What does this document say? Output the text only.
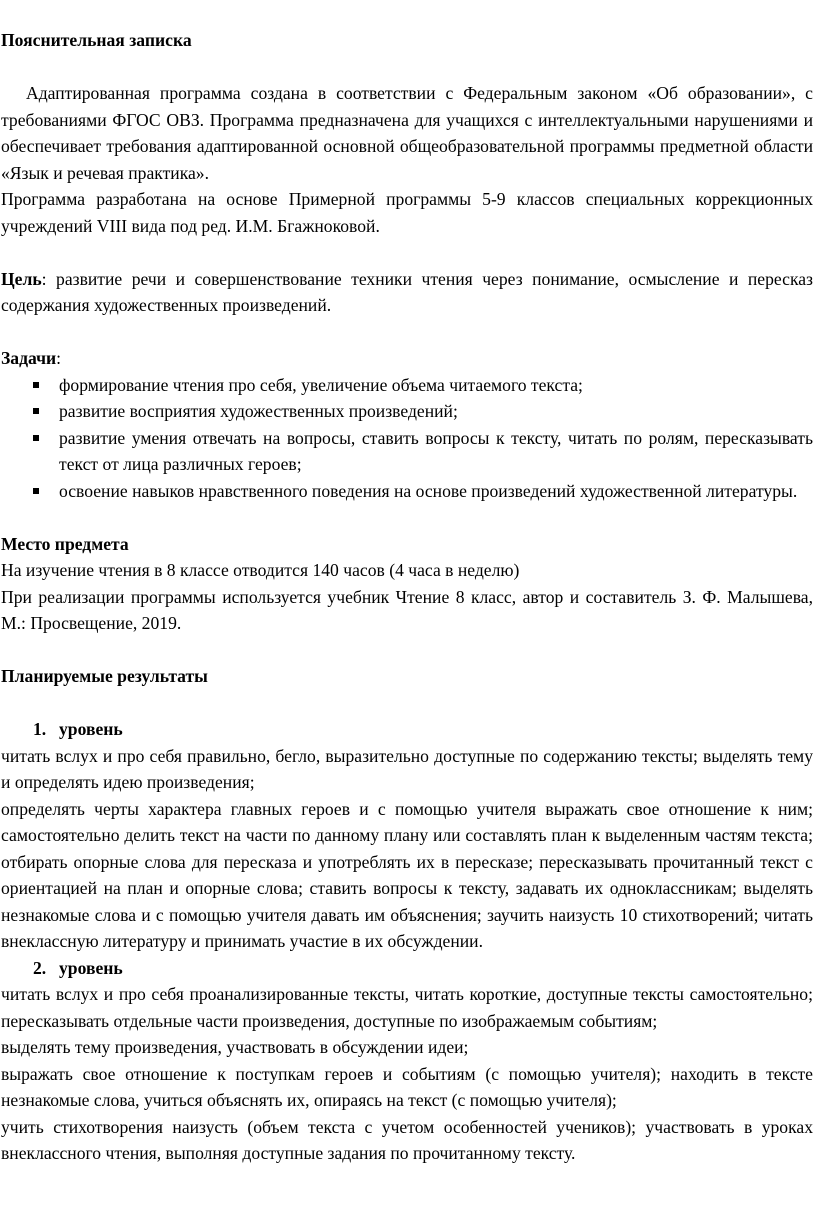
Пояснительная записка

Адаптированная программа создана в соответствии с Федеральным законом «Об образовании», с требованиями ФГОС ОВЗ. Программа предназначена для учащихся с интеллектуальными нарушениями и обеспечивает требования адаптированной основной общеобразовательной программы предметной области «Язык и речевая практика».

Программа разработана на основе Примерной программы 5-9 классов специальных коррекционных учреждений VIII вида под ред. И.М. Бгажноковой.

Цель: развитие речи и совершенствование техники чтения через понимание, осмысление и пересказ содержания художественных произведений.

Задачи:

формирование чтения про себя, увеличение объема читаемого текста;
развитие восприятия художественных произведений;
развитие умения отвечать на вопросы, ставить вопросы к тексту, читать по ролям, пересказывать текст от лица различных героев;
освоение навыков нравственного поведения на основе произведений художественной литературы.

Место предмета

На изучение чтения в 8 классе отводится 140 часов (4 часа в неделю)

При реализации программы используется учебник Чтение 8 класс, автор и составитель З. Ф. Малышева, М.: Просвещение, 2019.

Планируемые результаты

1. уровень

читать вслух и про себя правильно, бегло, выразительно доступные по содержанию тексты; выделять тему и определять идею произведения;

определять черты характера главных героев и с помощью учителя выражать свое отношение к ним; самостоятельно делить текст на части по данному плану или составлять план к выделенным частям текста; отбирать опорные слова для пересказа и употреблять их в пересказе; пересказывать прочитанный текст с ориентацией на план и опорные слова; ставить вопросы к тексту, задавать их одноклассникам; выделять незнакомые слова и с помощью учителя давать им объяснения; заучить наизусть 10 стихотворений; читать внеклассную литературу и принимать участие в их обсуждении.

2. уровень

читать вслух и про себя проанализированные тексты, читать короткие, доступные тексты самостоятельно; пересказывать отдельные части произведения, доступные по изображаемым событиям;

выделять тему произведения, участвовать в обсуждении идеи;

выражать свое отношение к поступкам героев и событиям (с помощью учителя); находить в тексте незнакомые слова, учиться объяснять их, опираясь на текст (с помощью учителя);

учить стихотворения наизусть (объем текста с учетом особенностей учеников); участвовать в уроках внеклассного чтения, выполняя доступные задания по прочитанному тексту.
